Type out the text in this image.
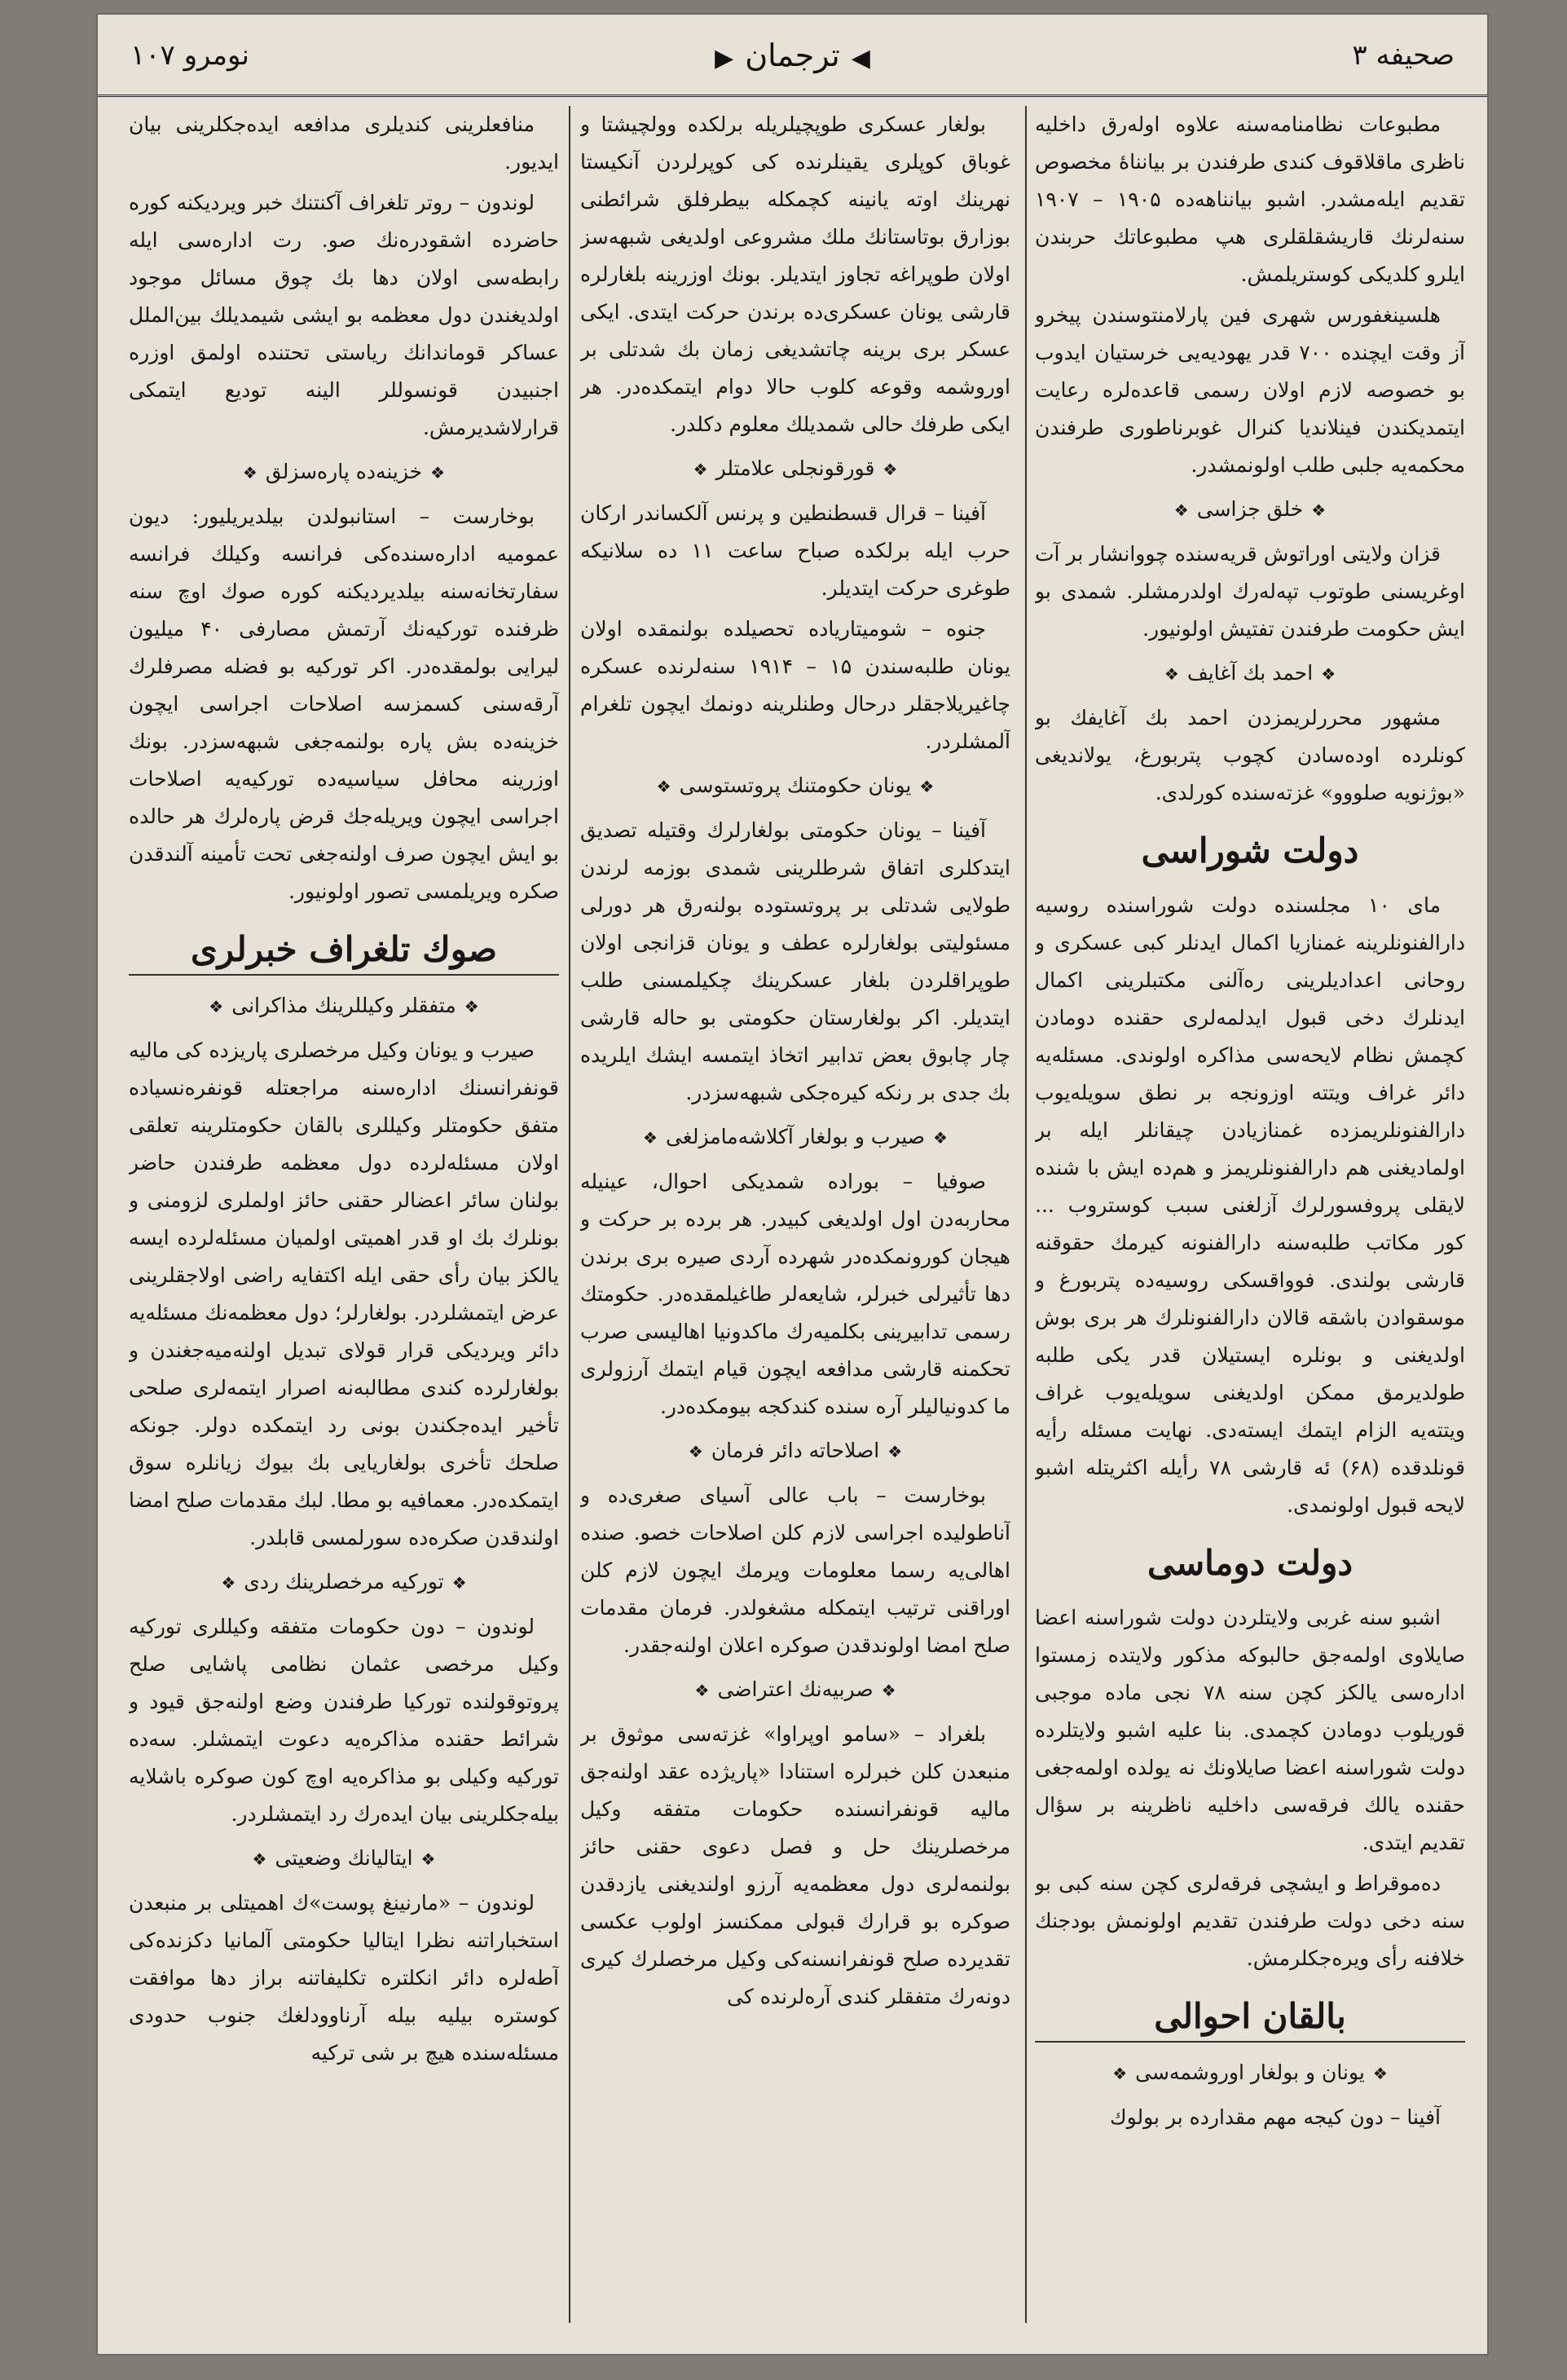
صحیفه ۳
◀ترجمان▶
نومرو ۱۰۷

مطبوعات نظامنامه‌سنه علاوه اولەرق داخلیه ناظری ماقلاقوف کندی طرفندن بر بیانناهٔ مخصوص تقدیم ایله‌مشدر. اشبو بیانناهه‌ده ۱۹۰۵ – ۱۹۰۷ سنه‌لرنك قاریشقلقلری هپ مطبوعاتك حربندن ایلرو کلدیکی کوستریلمش.

هلسینغفورس شهری فین پارلامنتوسندن پیخرو آز وقت ایچنده ۷۰۰ قدر یهودیه‌یی خرستیان ایدوب بو خصوصه لازم اولان رسمی قاعده‌لره رعایت ایتمدیکندن فینلاندیا کنرال غوبرناطوری طرفندن محکمه‌یه جلبی طلب اولونمشدر.

❖خلق جزاسی❖

قزان ولایتی اوراتوش قریه‌سنده چووانشار بر آت اوغریسنی طوتوب تپه‌لەرك اولدرمشلر. شمدی بو ایش حکومت طرفندن تفتیش اولونیور.

❖احمد بك آغایف❖

مشهور محررلریمزدن احمد بك آغایفك بو کونلرده اوده‌سادن کچوب پتربورغ، یولاندیغی «بوژنویه صلووو» غزته‌سنده کورلدی.

دولت شوراسی

مای ۱۰ مجلسنده دولت شوراسنده روسیه دارالفنونلرینه غمنازیا اکمال ایدنلر کبی عسکری و روحانی اعدادیلرینی ره‌آلنی مکتبلرینی اکمال ایدنلرك دخی قبول ایدلمه‌لری حقنده دومادن کچمش نظام لایحه‌سی مذاکره اولوندی. مسئله‌یه دائر غراف ویتته اوزونجه بر نطق سویله‌یوب دارالفنونلریمزده غمنازیادن چیقانلر ایله بر اولمادیغنی هم دارالفنونلریمز و هم‌ده ایش با شنده لایقلی پروفسورلرك آزلغنی سبب کوستروب ... کور مکاتب طلبه‌سنه دارالفنونه کیرمك حقوقنه قارشی بولندی. فوواقسکی روسیه‌ده پتربورغ و موسقوادن باشقه قالان دارالفنونلرك هر بری بوش اولدیغنی و بونلره ایستیلان قدر یکی طلبه طولدیرمق ممکن اولدیغنی سویله‌یوب غراف ویتته‌یه الزام ایتمك ایسته‌دی. نهایت مسئله رأیه قونلدقده (۶۸) ئه قارشی ۷۸ رأیله اکثریتله اشبو لایحه قبول اولونمدی.

دولت دوماسی

اشبو سنه غربی ولایتلردن دولت شوراسنه اعضا صایلاوی اولمەجق حالبوکه مذکور ولایتده زمستوا ادارەسی یالکز کچن سنه ۷۸ نجی ماده موجبی قوریلوب دومادن کچمدی. بنا علیه اشبو ولایتلرده دولت شوراسنه اعضا صایلاونك نه یولده اولمەجغی حقنده یالك فرقه‌سی داخلیه ناظرینه بر سؤال تقدیم ایتدی.

دەموقراط و ایشچی فرقەلری کچن سنه کبی بو سنه دخی دولت طرفندن تقدیم اولونمش بودجنك خلافنه رأی ویره‌جکلرمش.

بالقان احوالی
❖یونان و بولغار اوروشمه‌سی❖

آفینا – دون کیجه مهم مقدارده بر بولوك

بولغار عسکری طوپچیلریله برلکده وولچیشتا و غوباق کوپلری یقینلرنده کی کوپرلردن آنکیستا نهرینك اوته یانینه کچمکله بیطرفلق شرائطنی بوزارق بوتاستانك ملك مشروعی اولدیغی شبهه‌سز اولان طوپراغه تجاوز ایتدیلر. بونك اوزرینه بلغارلره قارشی یونان عسکری‌ده برندن حرکت ایتدی. ایکی عسکر بری برینه چاتشدیغی زمان بك شدتلی بر اوروشمه وقوعه کلوب حالا دوام ایتمکده‌در. هر ایکی طرفك حالی شمدیلك معلوم دکلدر.

❖قورقونجلی علامتلر❖

آفینا – قرال قسطنطین و پرنس آلکساندر ارکان حرب ایله برلکده صباح ساعت ۱۱ ده سلانیکه طوغری حرکت ایتدیلر.

جنوه – شومیتاریاده تحصیلده بولنمقده اولان یونان طلبه‌سندن ۱۵ – ۱۹۱۴ سنه‌لرنده عسکره چاغیریلاجقلر درحال وطنلرینه دونمك ایچون تلغرام آلمشلردر.

❖یونان حکومتنك پروتستوسی❖

آفینا – یونان حکومتی بولغارلرك وقتیله تصدیق ایتدکلری اتفاق شرطلرینی شمدی بوزمه لرندن طولایی شدتلی بر پروتستوده بولنەرق هر دورلی مسئولیتی بولغارلره عطف و یونان قزانجی اولان طوپراقلردن بلغار عسکرینك چکیلمسنی طلب ایتدیلر. اکر بولغارستان حکومتی بو حاله قارشی چار چابوق بعض تدابیر اتخاذ ایتمسه ایشك ایلریده بك جدی بر رنکه کیرەجکی شبهه‌سزدر.

❖صیرب و بولغار آکلاشه‌مامزلغی❖

صوفیا – بوراده شمدیکی احوال، عینیله محاربه‌دن اول اولدیغی کبیدر. هر برده بر حرکت و هیجان کورونمکده‌در شهرده آردی صیره بری برندن دها تأثیرلی خبرلر، شایعه‌لر طاغیلمقده‌در. حکومتك رسمی تدابیرینی بکلمیەرك ماکدونیا اهالیسی صرب تحکمنه قارشی مدافعه ایچون قیام ایتمك آرزولری ما کدونیالیلر آره‌ سنده کندکجه بیومکده‌در.

❖اصلاحاته دائر فرمان❖

بوخارست – باب عالی آسیای صغری‌ده و آناطولیده اجراسی لازم کلن اصلاحات خصو. صنده اهالی‌یه رسما معلومات ویرمك ایچون لازم کلن اوراقنی ترتیب ایتمکله مشغولدر. فرمان مقدمات صلح امضا اولوندقدن صوکره اعلان اولنه‌جقدر.

❖صربیه‌نك اعتراضی❖

بلغراد – «سامو اوپراوا» غزته‌سی موثوق بر منبعدن کلن خبرلره استنادا «پاریژده عقد اولنه‌جق مالیه قونفرانسنده حکومات متفقه وکیل مرخصلرینك حل و فصل دعوی حقنی حائز بولنمه‌لری دول معظمه‌یه آرزو اولندیغنی یازدقدن صوکره بو قرارك قبولی ممکنسز اولوب عکسی تقدیرده صلح قونفرانسنه‌کی وکیل مرخصلرك کیری دونه‌رك متفقلر کندی آره‌لرنده کی

منافعلرینی کندیلری مدافعه ایده‌جکلرینی بیان ایدیور.

لوندون – روتر تلغراف آکنتنك خبر ویردیکنه کوره حاضرده اشقودره‌نك صو. رت ادارەسی ایله رابطه‌سی اولان دها بك چوق مسائل موجود اولدیغندن دول معظمه بو ایشی شیمدیلك بین‌الملل عساکر قوماندانك ریاستی تحتنده اولمق اوزره اجنبیدن قونسوللر الینه تودیع ایتمکی قرارلاشدیرمش.

❖خزینه‌ده پاره‌سزلق❖

بوخارست – استانبولدن بیلدیریلیور: دیون عمومیه اداره‌سنده‌کی فرانسه وکیلك فرانسه سفارتخانه‌سنه بیلدیردیکنه کوره صوك اوچ سنه ظرفنده تورکیه‌نك آرتمش مصارفی ۴۰ میلیون لیرایی بولمقده‌در. اکر تورکیه بو فضله مصرفلرك آرقه‌سنی کسمزسه اصلاحات اجراسی ایچون خزینه‌ده بش پاره بولنمەجغی شبهه‌سزدر. بونك اوزرینه محافل سیاسیه‌ده تورکیه‌یه اصلاحات اجراسی ایچون ویریله‌جك قرض پاره‌لرك هر حالده بو ایش ایچون صرف اولنه‌جغی تحت تأمینه آلندقدن صکره ویریلمسی تصور اولونیور.

صوك تلغراف خبرلری
❖متفقلر وکیللرینك مذاکرانی❖

صیرب و یونان وکیل مرخصلری پاریزده کی مالیه قونفرانسنك اداره‌سنه مراجعتله قونفره‌نسیاده متفق حکومتلر وکیللری بالقان حکومتلرینه تعلقی اولان مسئله‌لرده دول معظمه طرفندن حاضر بولنان سائر اعضالر حقنی حائز اولملری لزومنی و بونلرك بك او قدر اهمیتی اولمیان مسئله‌لرده ایسه یالکز بیان رأی حقی ایله اکتفایه راضی اولاجقلرینی عرض ایتمشلردر. بولغارلر؛ دول معظمه‌نك مسئله‌یه دائر ویردیکی قرار قولای تبدیل اولنه‌میه‌جغندن و بولغارلرده کندی مطالبه‌نه اصرار ایتمه‌لری صلحی تأخیر ایده‌جکندن بونی رد ایتمکده دولر. جونکه صلحك تأخری بولغاریایی بك بیوك زیانلره سوق ایتمکده‌در. معمافیه بو مطا. لبك مقدمات صلح امضا اولندقدن صکره‌ده سورلمسی قابلدر.

❖تورکیه مرخصلرینك ردی❖

لوندون – دون حکومات متفقه وکیللری تورکیه وکیل مرخصی عثمان نظامی پاشایی صلح پروتوقولنده تورکیا طرفندن وضع اولنه‌جق قیود و شرائط حقنده مذاکره‌یه دعوت ایتمشلر. سه‌ده تورکیه وکیلی بو مذاکره‌یه اوچ کون صوکره باشلایه بیله‌جکلرینی بیان ایده‌رك رد ایتمشلردر.

❖ایتالیانك وضعیتی❖

لوندون – «مارنینغ پوست»ك اهمیتلی بر منبعدن استخباراتنه نظرا ایتالیا حکومتی آلمانیا دکزنده‌کی آطه‌لره دائر انکلتره تکلیفاتنه براز دها موافقت کوسترە بیلیه بیله آرناوودلغك جنوب حدودی مسئله‌سنده هیچ بر شی ترکیه
